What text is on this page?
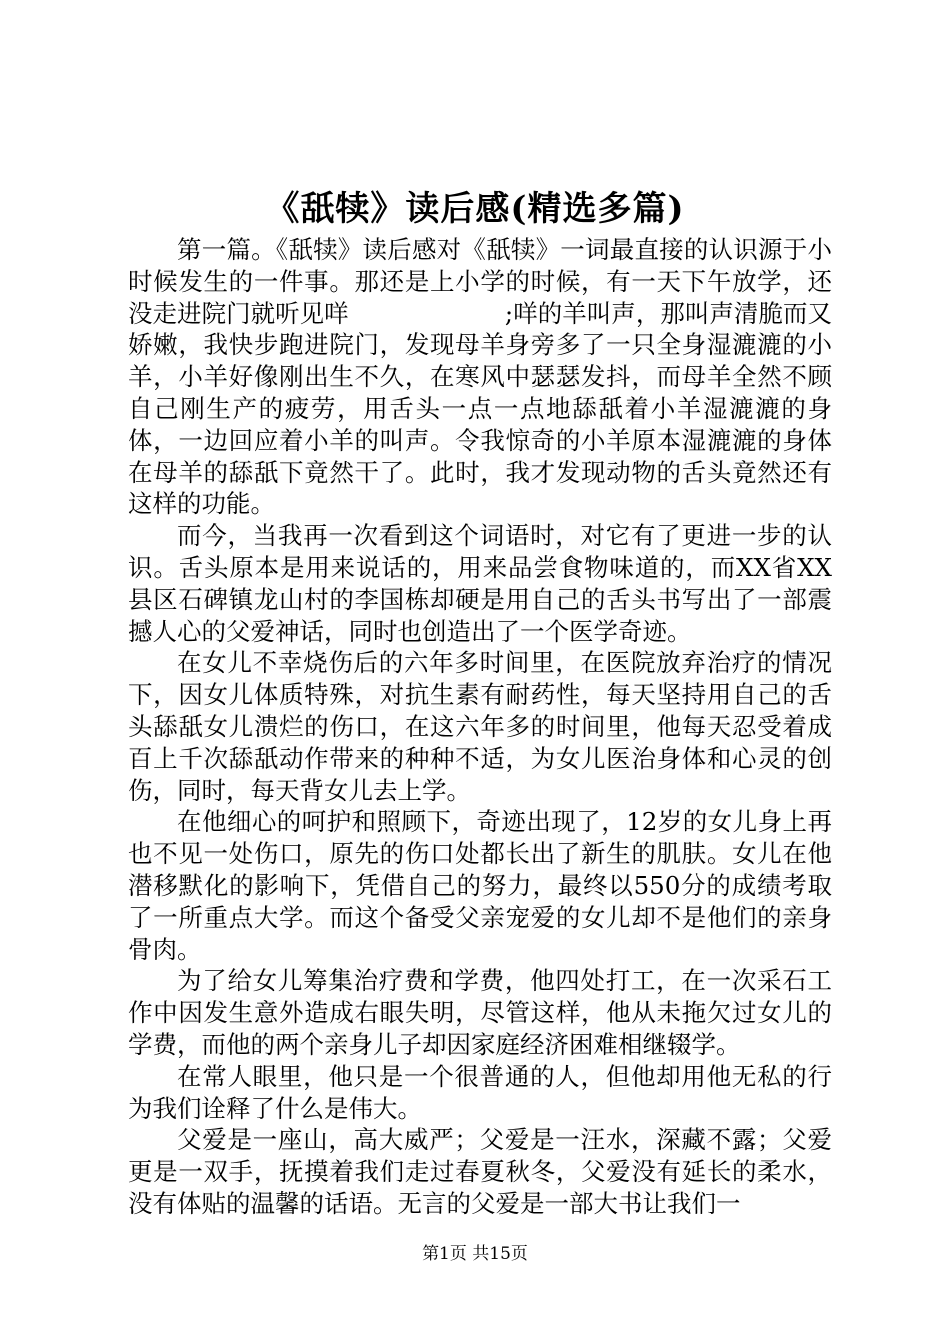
《舐犊》读后感(精选多篇)

第一篇。《舐犊》读后感对《舐犊》一词最直接的认识源于小时候发生的一件事。那还是上小学的时候，有一天下午放学，还没走进院门就听见咩                    ;咩的羊叫声，那叫声清脆而又娇嫩，我快步跑进院门，发现母羊身旁多了一只全身湿漉漉的小羊，小羊好像刚出生不久，在寒风中瑟瑟发抖，而母羊全然不顾自己刚生产的疲劳，用舌头一点一点地舔舐着小羊湿漉漉的身体，一边回应着小羊的叫声。令我惊奇的小羊原本湿漉漉的身体在母羊的舔舐下竟然干了。此时，我才发现动物的舌头竟然还有这样的功能。

而今，当我再一次看到这个词语时，对它有了更进一步的认识。舌头原本是用来说话的，用来品尝食物味道的，而XX省XX县区石碑镇龙山村的李国栋却硬是用自己的舌头书写出了一部震撼人心的父爱神话，同时也创造出了一个医学奇迹。

在女儿不幸烧伤后的六年多时间里，在医院放弃治疗的情况下，因女儿体质特殊，对抗生素有耐药性，每天坚持用自己的舌头舔舐女儿溃烂的伤口，在这六年多的时间里，他每天忍受着成百上千次舔舐动作带来的种种不适，为女儿医治身体和心灵的创伤，同时，每天背女儿去上学。

在他细心的呵护和照顾下，奇迹出现了，12岁的女儿身上再也不见一处伤口，原先的伤口处都长出了新生的肌肤。女儿在他潜移默化的影响下，凭借自己的努力，最终以550分的成绩考取了一所重点大学。而这个备受父亲宠爱的女儿却不是他们的亲身骨肉。

为了给女儿筹集治疗费和学费，他四处打工，在一次采石工作中因发生意外造成右眼失明，尽管这样，他从未拖欠过女儿的学费，而他的两个亲身儿子却因家庭经济困难相继辍学。

在常人眼里，他只是一个很普通的人，但他却用他无私的行为我们诠释了什么是伟大。

父爱是一座山，高大威严；父爱是一汪水，深藏不露；父爱更是一双手，抚摸着我们走过春夏秋冬，父爱没有延长的柔水，没有体贴的温馨的话语。无言的父爱是一部大书让我们一

第1页 共15页
